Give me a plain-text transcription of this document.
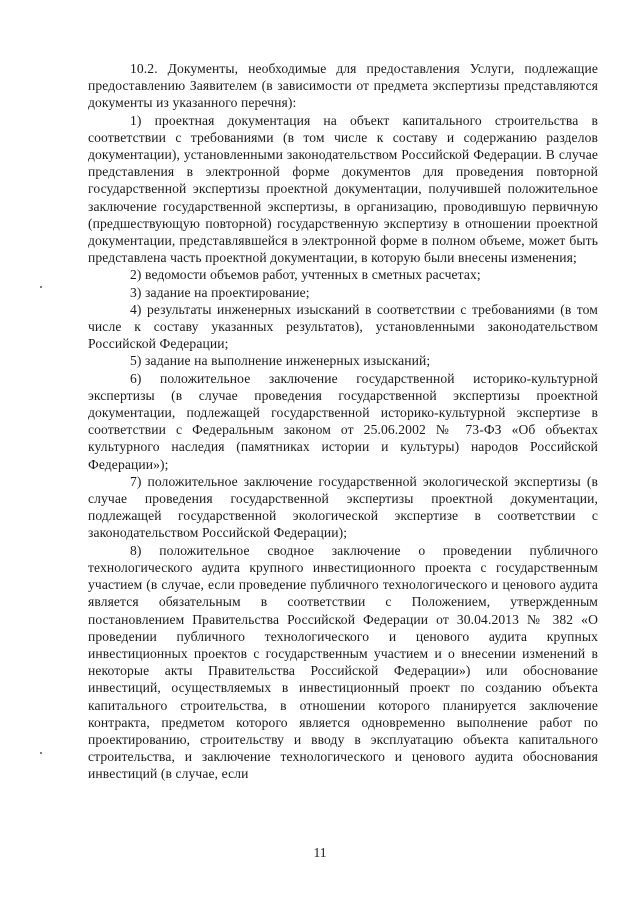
10.2. Документы, необходимые для предоставления Услуги, подлежащие предоставлению Заявителем (в зависимости от предмета экспертизы представляются документы из указанного перечня):

1) проектная документация на объект капитального строительства в соответствии с требованиями (в том числе к составу и содержанию разделов документации), установленными законодательством Российской Федерации. В случае представления в электронной форме документов для проведения повторной государственной экспертизы проектной документации, получившей положительное заключение государственной экспертизы, в организацию, проводившую первичную (предшествующую повторной) государственную экспертизу в отношении проектной документации, представлявшейся в электронной форме в полном объеме, может быть представлена часть проектной документации, в которую были внесены изменения;

2) ведомости объемов работ, учтенных в сметных расчетах;

3) задание на проектирование;

4) результаты инженерных изысканий в соответствии с требованиями (в том числе к составу указанных результатов), установленными законодательством Российской Федерации;

5) задание на выполнение инженерных изысканий;

6) положительное заключение государственной историко-культурной экспертизы (в случае проведения государственной экспертизы проектной документации, подлежащей государственной историко-культурной экспертизе в соответствии с Федеральным законом от 25.06.2002 № 73-ФЗ «Об объектах культурного наследия (памятниках истории и культуры) народов Российской Федерации»);

7) положительное заключение государственной экологической экспертизы (в случае проведения государственной экспертизы проектной документации, подлежащей государственной экологической экспертизе в соответствии с законодательством Российской Федерации);

8) положительное сводное заключение о проведении публичного технологического аудита крупного инвестиционного проекта с государственным участием (в случае, если проведение публичного технологического и ценового аудита является обязательным в соответствии с Положением, утвержденным постановлением Правительства Российской Федерации от 30.04.2013 № 382 «О проведении публичного технологического и ценового аудита крупных инвестиционных проектов с государственным участием и о внесении изменений в некоторые акты Правительства Российской Федерации») или обоснование инвестиций, осуществляемых в инвестиционный проект по созданию объекта капитального строительства, в отношении которого планируется заключение контракта, предметом которого является одновременно выполнение работ по проектированию, строительству и вводу в эксплуатацию объекта капитального строительства, и заключение технологического и ценового аудита обоснования инвестиций (в случае, если

11
